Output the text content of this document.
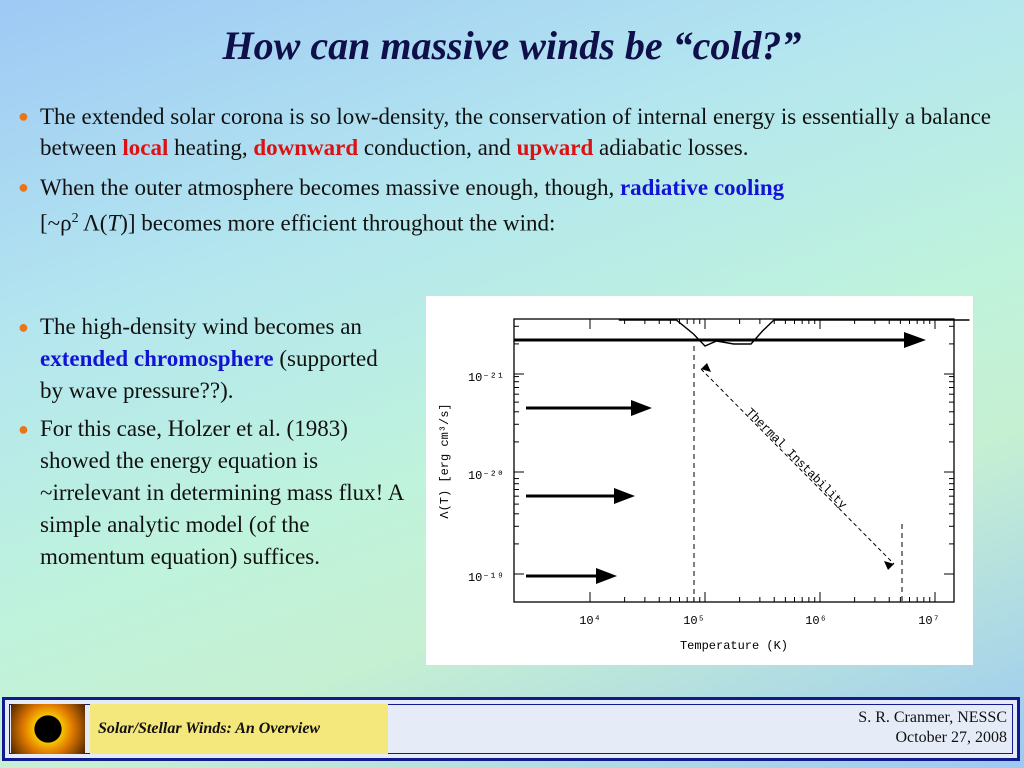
How can massive winds be “cold?”
● The extended solar corona is so low-density, the conservation of internal energy is essentially a balance between local heating, downward conduction, and upward adiabatic losses.
● When the outer atmosphere becomes massive enough, though, radiative cooling
[$\sim\rho^2$ Λ(T)] becomes more efficient throughout the wind:
● The high-density wind becomes an extended chromosphere (supported by wave pressure??).
● For this case, Holzer et al. (1983) showed the energy equation is ~irrelevant in determining mass flux! A simple analytic model (of the momentum equation) suffices.
10⁴	10⁵	10⁶	10⁷
10⁻²¹
10⁻²⁰
10⁻¹⁹
Temperature (K)
Λ(T) [erg cm³/s]	Thermal Instability
Solar/Stellar Winds: An Overview
S. R. Cranmer, NESSC
October 27, 2008
